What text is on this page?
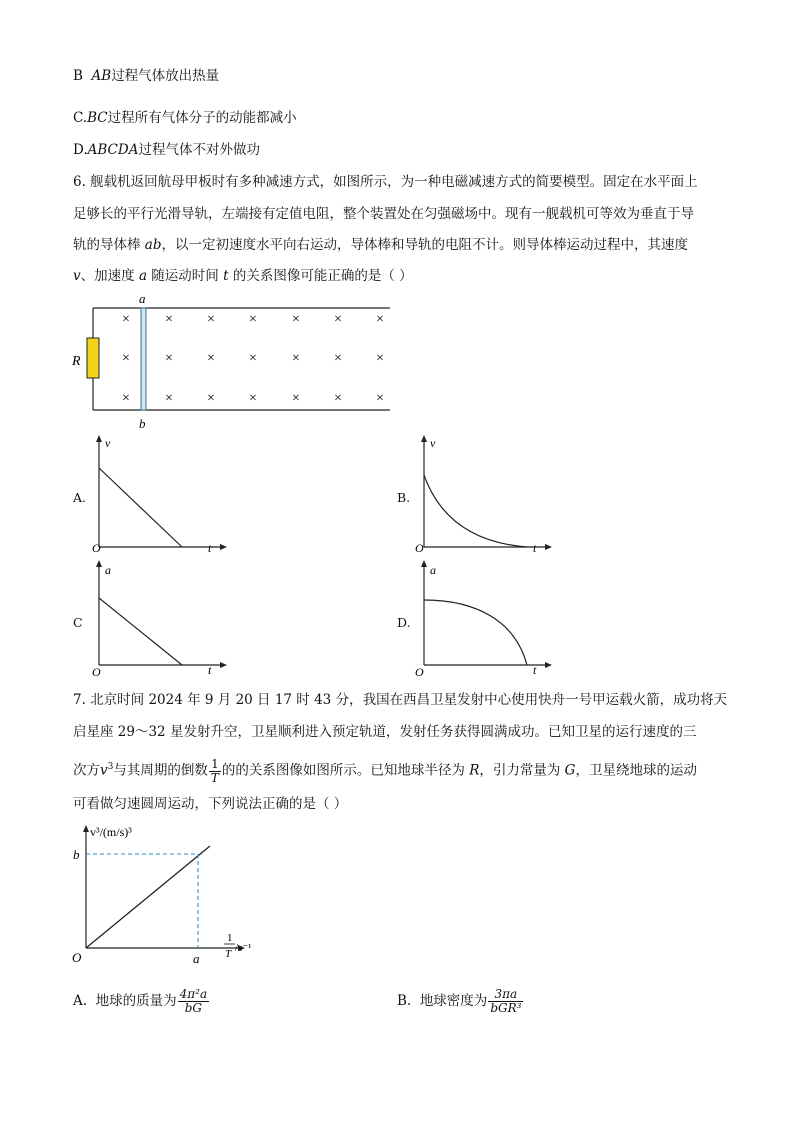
B AB过程气体放出热量
C.BC过程所有气体分子的动能都减小
D.ABCDA过程气体不对外做功
6. 舰载机返回航母甲板时有多种减速方式，如图所示，为一种电磁减速方式的简要模型。固定在水平面上
足够长的平行光滑导轨，左端接有定值电阻，整个装置处在匀强磁场中。现有一舰载机可等效为垂直于导
轨的导体棒 ab，以一定初速度水平向右运动，导体棒和导轨的电阻不计。则导体棒运动过程中，其速度
v、加速度 a 随运动时间 t 的关系图像可能正确的是（ ）
R
a
b
×	× × ×	× × ×
×	× × ×	× × ×
×	× × ×	× × ×
A.
v
t
O
B.
v
t
O
C
a
t
O
D.
a
t
O
7. 北京时间 2024 年 9 月 20 日 17 时 43 分，我国在西昌卫星发射中心使用快舟一号甲运载火箭，成功将天
启星座 29～32 星发射升空，卫星顺利进入预定轨道，发射任务获得圆满成功。已知卫星的运行速度的三
次方$v^3$与其周期的倒数 $\frac{1}{T}$ 的的关系图像如图所示。已知地球半径为 R，引力常量为 G，卫星绕地球的运动
可看做匀速圆周运动，下列说法正确的是（ ）
v³/(m/s)³
b
a
O
1
T /s⁻¹
A. 地球的质量为 $\frac{\text{4π²a}}{bG}$	B. 地球密度为 $\frac{3\pi a}{\text{bGR³}}$
